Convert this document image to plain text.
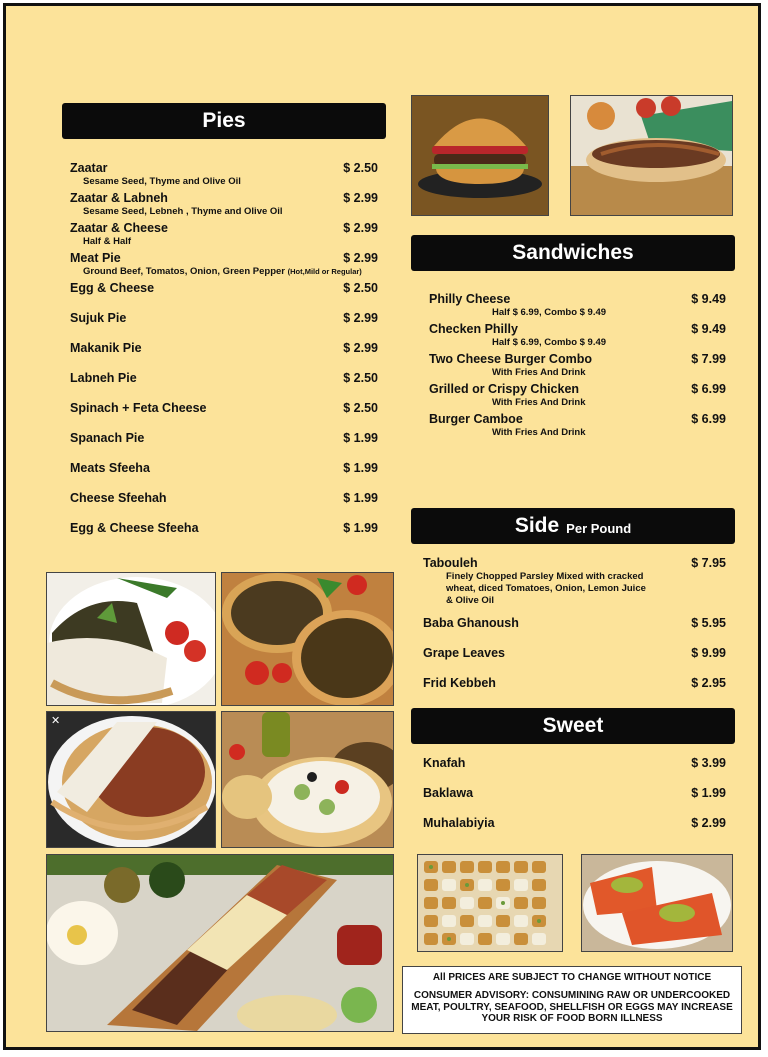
Pies
Zaatar	$ 2.50
Sesame Seed, Thyme and Olive Oil
Zaatar & Labneh	$ 2.99
Sesame Seed, Lebneh , Thyme and Olive Oil
Zaatar & Cheese	$ 2.99
Half & Half
Meat Pie	$ 2.99
Ground Beef, Tomatos, Onion, Green Pepper (Hot,Mild or Regular)
Egg & Cheese	$ 2.50
Sujuk Pie	$ 2.99
Makanik Pie	$ 2.99
Labneh Pie	$ 2.50
Spinach + Feta Cheese	$ 2.50
Spanach Pie	$ 1.99
Meats Sfeeha	$ 1.99
Cheese Sfeehah	$ 1.99
Egg & Cheese Sfeeha	$ 1.99
Sandwiches
Philly Cheese	$ 9.49
Half $ 6.99, Combo $ 9.49
Checken Philly	$ 9.49
Half $ 6.99, Combo $ 9.49
Two Cheese Burger Combo	$ 7.99
With Fries And Drink
Grilled or Crispy Chicken	$ 6.99
With Fries And Drink
Burger Camboe	$ 6.99
With Fries And Drink
Side Per Pound
Tabouleh	$ 7.95
Finely Chopped Parsley Mixed with cracked wheat, diced Tomatoes, Onion, Lemon Juice & Olive Oil
Baba Ghanoush	$ 5.95
Grape Leaves	$ 9.99
Frid Kebbeh	$ 2.95
Sweet
Knafah	$ 3.99
Baklawa	$ 1.99
Muhalabiyia	$ 2.99
✕
All PRICES ARE SUBJECT TO CHANGE WITHOUT NOTICE
CONSUMER ADVISORY: CONSUMINING RAW OR UNDERCOOKED MEAT, POULTRY, SEAFOOD, SHELLFISH OR EGGS MAY INCREASE YOUR RISK OF FOOD BORN ILLNESS
